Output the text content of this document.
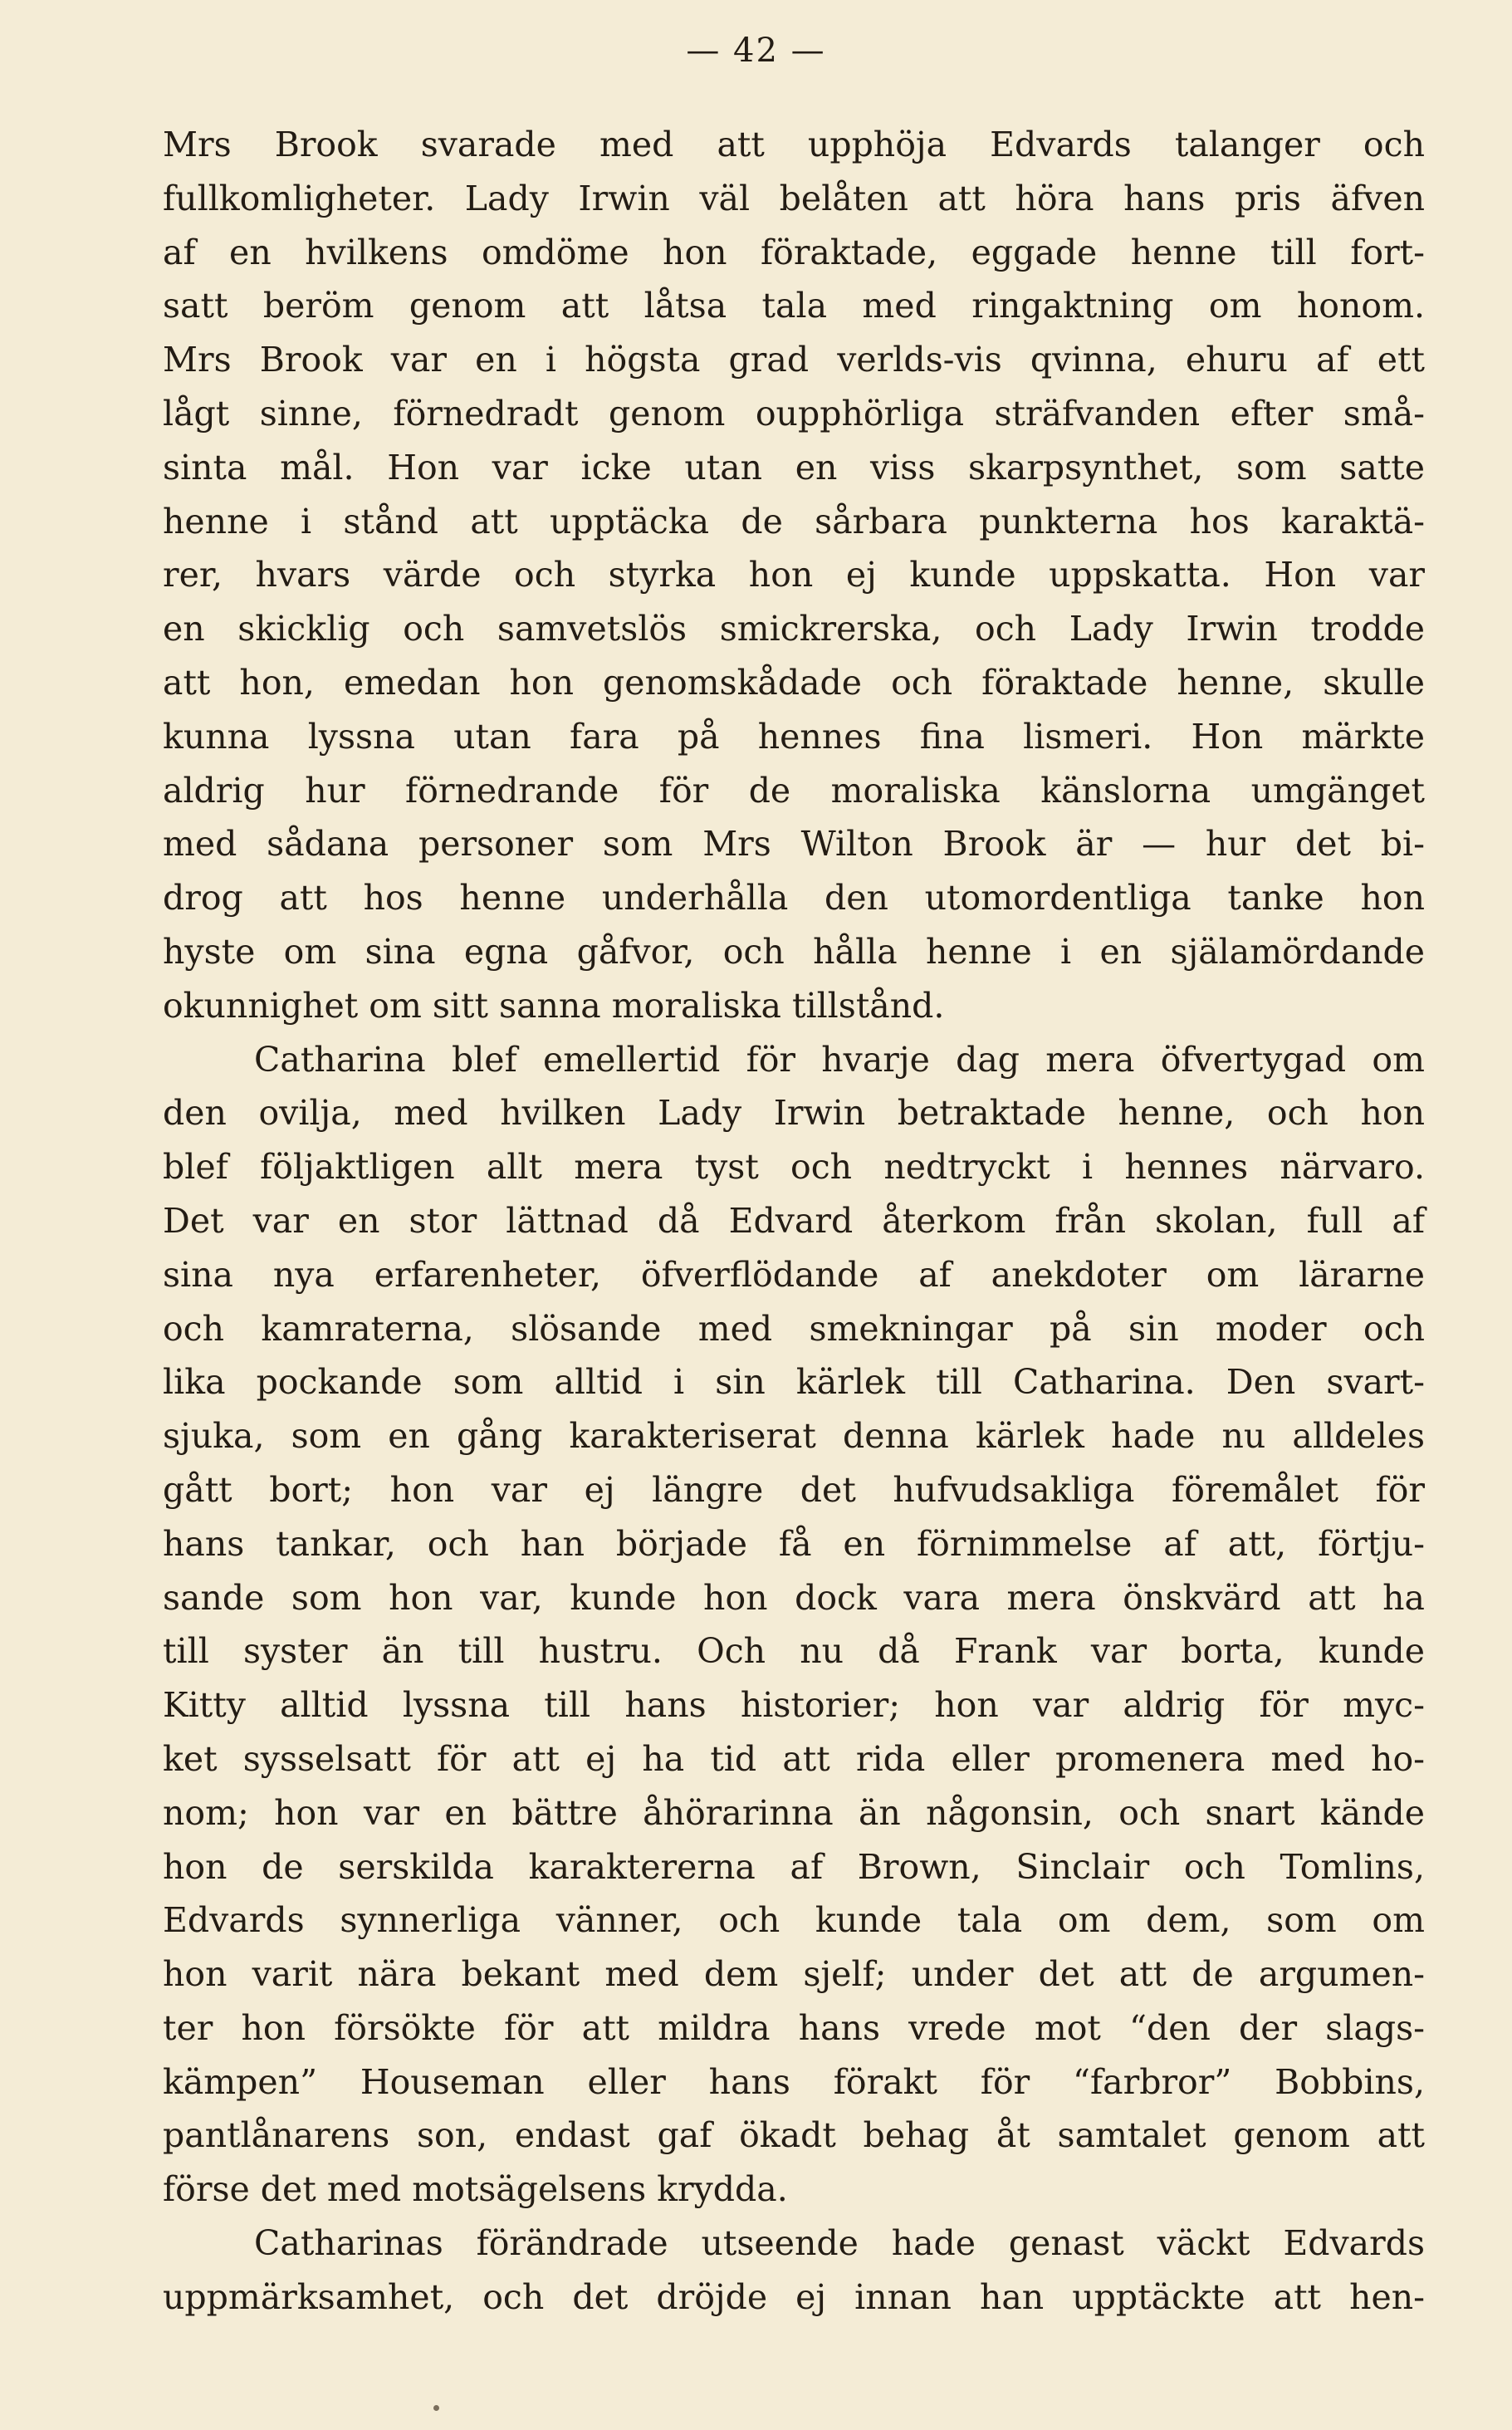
— 42 —
Mrs Brook svarade med att upphöja Edvards talanger och
fullkomligheter. Lady Irwin väl belåten att höra hans pris äfven
af en hvilkens omdöme hon föraktade, eggade henne till fort-
satt beröm genom att låtsa tala med ringaktning om honom.
Mrs Brook var en i högsta grad verlds-vis qvinna, ehuru af ett
lågt sinne, förnedradt genom oupphörliga sträfvanden efter små-
sinta mål. Hon var icke utan en viss skarpsynthet, som satte
henne i stånd att upptäcka de sårbara punkterna hos karaktä-
rer, hvars värde och styrka hon ej kunde uppskatta. Hon var
en skicklig och samvetslös smickrerska, och Lady Irwin trodde
att hon, emedan hon genomskådade och föraktade henne, skulle
kunna lyssna utan fara på hennes fina lismeri. Hon märkte
aldrig hur förnedrande för de moraliska känslorna umgänget
med sådana personer som Mrs Wilton Brook är — hur det bi-
drog att hos henne underhålla den utomordentliga tanke hon
hyste om sina egna gåfvor, och hålla henne i en själamördande
okunnighet om sitt sanna moraliska tillstånd.
Catharina blef emellertid för hvarje dag mera öfvertygad om
den ovilja, med hvilken Lady Irwin betraktade henne, och hon
blef följaktligen allt mera tyst och nedtryckt i hennes närvaro.
Det var en stor lättnad då Edvard återkom från skolan, full af
sina nya erfarenheter, öfverflödande af anekdoter om lärarne
och kamraterna, slösande med smekningar på sin moder och
lika pockande som alltid i sin kärlek till Catharina. Den svart-
sjuka, som en gång karakteriserat denna kärlek hade nu alldeles
gått bort; hon var ej längre det hufvudsakliga föremålet för
hans tankar, och han började få en förnimmelse af att, förtju-
sande som hon var, kunde hon dock vara mera önskvärd att ha
till syster än till hustru. Och nu då Frank var borta, kunde
Kitty alltid lyssna till hans historier; hon var aldrig för myc-
ket sysselsatt för att ej ha tid att rida eller promenera med ho-
nom; hon var en bättre åhörarinna än någonsin, och snart kände
hon de serskilda karaktererna af Brown, Sinclair och Tomlins,
Edvards synnerliga vänner, och kunde tala om dem, som om
hon varit nära bekant med dem sjelf; under det att de argumen-
ter hon försökte för att mildra hans vrede mot “den der slags-
kämpen” Houseman eller hans förakt för “farbror” Bobbins,
pantlånarens son, endast gaf ökadt behag åt samtalet genom att
förse det med motsägelsens krydda.
Catharinas förändrade utseende hade genast väckt Edvards
uppmärksamhet, och det dröjde ej innan han upptäckte att hen-
